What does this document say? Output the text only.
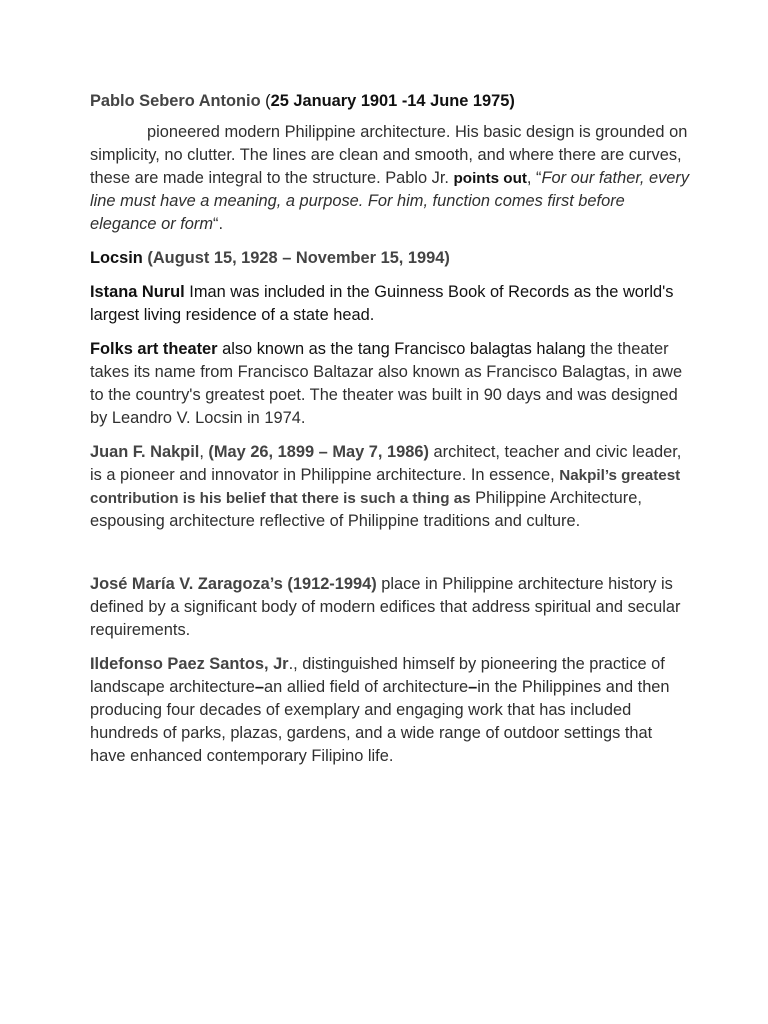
Pablo Sebero Antonio (25 January 1901 -14 June 1975)

pioneered modern Philippine architecture. His basic design is grounded on simplicity, no clutter. The lines are clean and smooth, and where there are curves, these are made integral to the structure. Pablo Jr. points out, “For our father, every line must have a meaning, a purpose. For him, function comes first before elegance or form“.

Locsin (August 15, 1928 – November 15, 1994)

Istana Nurul Iman was included in the Guinness Book of Records as the world's largest living residence of a state head.

Folks art theater also known as the tang Francisco balagtas halang the theater takes its name from Francisco Baltazar also known as Francisco Balagtas, in awe to the country's greatest poet. The theater was built in 90 days and was designed by Leandro V. Locsin in 1974.

Juan F. Nakpil, (May 26, 1899 – May 7, 1986) architect, teacher and civic leader, is a pioneer and innovator in Philippine architecture. In essence, Nakpil’s greatest contribution is his belief that there is such a thing as Philippine Architecture, espousing architecture reflective of Philippine traditions and culture.

José María V. Zaragoza’s (1912-1994) place in Philippine architecture history is defined by a significant body of modern edifices that address spiritual and secular requirements.

Ildefonso Paez Santos, Jr., distinguished himself by pioneering the practice of landscape architecture–an allied field of architecture–in the Philippines and then producing four decades of exemplary and engaging work that has included hundreds of parks, plazas, gardens, and a wide range of outdoor settings that have enhanced contemporary Filipino life.
